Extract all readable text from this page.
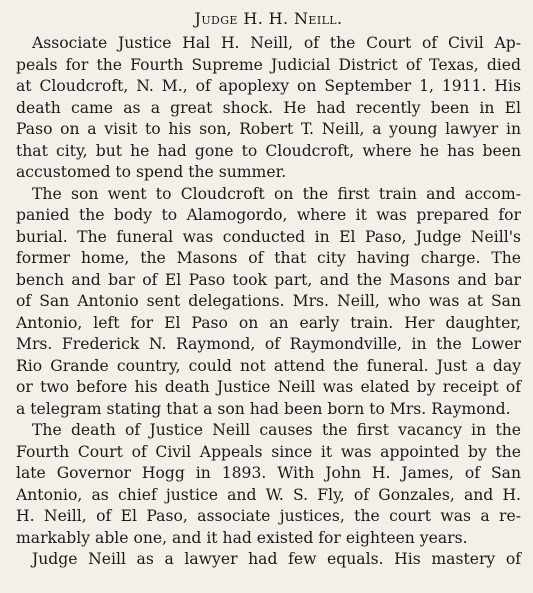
Judge H. H. Neill.
Associate Justice Hal H. Neill, of the Court of Civil Ap-
peals for the Fourth Supreme Judicial District of Texas, died
at Cloudcroft, N. M., of apoplexy on September 1, 1911. His
death came as a great shock. He had recently been in El
Paso on a visit to his son, Robert T. Neill, a young lawyer in
that city, but he had gone to Cloudcroft, where he has been
accustomed to spend the summer.
The son went to Cloudcroft on the first train and accom-
panied the body to Alamogordo, where it was prepared for
burial. The funeral was conducted in El Paso, Judge Neill's
former home, the Masons of that city having charge. The
bench and bar of El Paso took part, and the Masons and bar
of San Antonio sent delegations. Mrs. Neill, who was at San
Antonio, left for El Paso on an early train. Her daughter,
Mrs. Frederick N. Raymond, of Raymondville, in the Lower
Rio Grande country, could not attend the funeral. Just a day
or two before his death Justice Neill was elated by receipt of
a telegram stating that a son had been born to Mrs. Raymond.
The death of Justice Neill causes the first vacancy in the
Fourth Court of Civil Appeals since it was appointed by the
late Governor Hogg in 1893. With John H. James, of San
Antonio, as chief justice and W. S. Fly, of Gonzales, and H.
H. Neill, of El Paso, associate justices, the court was a re-
markably able one, and it had existed for eighteen years.
Judge Neill as a lawyer had few equals. His mastery of
